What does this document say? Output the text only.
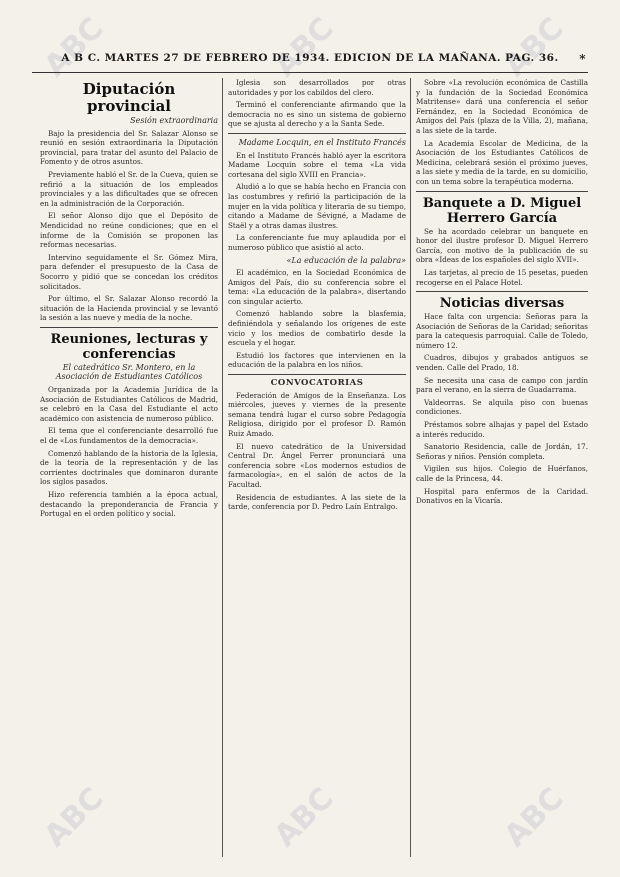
ABC	ABC	ABC
ABC	ABC	ABC
A B C. MARTES 27 DE FEBRERO DE 1934. EDICION DE LA MAÑANA. PAG. 36. *
Diputación provincial
Sesión extraordinaria

Bajo la presidencia del Sr. Salazar Alonso se reunió en sesión extraordinaria la Diputación provincial, para tratar del asunto del Palacio de Fomento y de otros asuntos.

Previamente habló el Sr. de la Cueva, quien se refirió a la situación de los empleados provinciales y a las dificultades que se ofrecen en la administración de la Corporación.

El señor Alonso dijo que el Depósito de Mendicidad no reúne condiciones; que en el informe de la Comisión se proponen las reformas necesarias.

Intervino seguidamente el Sr. Gómez Mira, para defender el presupuesto de la Casa de Socorro y pidió que se concedan los créditos solicitados.

Por último, el Sr. Salazar Alonso recordó la situación de la Hacienda provincial y se levantó la sesión a las nueve y media de la noche.

Reuniones, lecturas y conferencias
El catedrático Sr. Montero, en la Asociación de Estudiantes Católicos

Organizada por la Academia Jurídica de la Asociación de Estudiantes Católicos de Madrid, se celebró en la Casa del Estudiante el acto académico con asistencia de numeroso público.

El tema que el conferenciante desarrolló fue el de «Los fundamentos de la democracia».

Comenzó hablando de la historia de la Iglesia, de la teoría de la representación y de las corrientes doctrinales que dominaron durante los siglos pasados.

Hizo referencia también a la época actual, destacando la preponderancia de Francia y Portugal en el orden político y social.

Iglesia son desarrollados por otras autoridades y por los cabildos del clero.

Terminó el conferenciante afirmando que la democracia no es sino un sistema de gobierno que se ajusta al derecho y a la Santa Sede.

Madame Locquin, en el Instituto Francés

En el Instituto Francés habló ayer la escritora Madame Locquin sobre el tema «La vida cortesana del siglo XVIII en Francia».

Aludió a lo que se había hecho en Francia con las costumbres y refirió la participación de la mujer en la vida política y literaria de su tiempo, citando a Madame de Sévigné, a Madame de Staël y a otras damas ilustres.

La conferenciante fue muy aplaudida por el numeroso público que asistió al acto.

«La educación de la palabra»

El académico, en la Sociedad Económica de Amigos del País, dio su conferencia sobre el tema: «La educación de la palabra», disertando con singular acierto.

Comenzó hablando sobre la blasfemia, definiéndola y señalando los orígenes de este vicio y los medios de combatirlo desde la escuela y el hogar.

Estudió los factores que intervienen en la educación de la palabra en los niños.

CONVOCATORIAS

Federación de Amigos de la Enseñanza. Los miércoles, jueves y viernes de la presente semana tendrá lugar el curso sobre Pedagogía Religiosa, dirigido por el profesor D. Ramón Ruiz Amado.

El nuevo catedrático de la Universidad Central Dr. Ángel Ferrer pronunciará una conferencia sobre «Los modernos estudios de farmacología», en el salón de actos de la Facultad.

Residencia de estudiantes. A las siete de la tarde, conferencia por D. Pedro Laín Entralgo.

Sobre «La revolución económica de Castilla y la fundación de la Sociedad Económica Matritense» dará una conferencia el señor Fernández, en la Sociedad Económica de Amigos del País (plaza de la Villa, 2), mañana, a las siete de la tarde.

La Academia Escolar de Medicina, de la Asociación de los Estudiantes Católicos de Medicina, celebrará sesión el próximo jueves, a las siete y media de la tarde, en su domicilio, con un tema sobre la terapéutica moderna.

Banquete a D. Miguel Herrero García

Se ha acordado celebrar un banquete en honor del ilustre profesor D. Miguel Herrero García, con motivo de la publicación de su obra «Ideas de los españoles del siglo XVII».

Las tarjetas, al precio de 15 pesetas, pueden recogerse en el Palace Hotel.

Noticias diversas

Hace falta con urgencia: Señoras para la Asociación de Señoras de la Caridad; señoritas para la catequesis parroquial. Calle de Toledo, número 12.

Cuadros, dibujos y grabados antiguos se venden. Calle del Prado, 18.

Se necesita una casa de campo con jardín para el verano, en la sierra de Guadarrama.

Valdeorras. Se alquila piso con buenas condiciones.

Préstamos sobre alhajas y papel del Estado a interés reducido.

Sanatorio Residencia, calle de Jordán, 17. Señoras y niños. Pensión completa.

Vigilen sus hijos. Colegio de Huérfanos, calle de la Princesa, 44.

Hospital para enfermos de la Caridad. Donativos en la Vicaría.
